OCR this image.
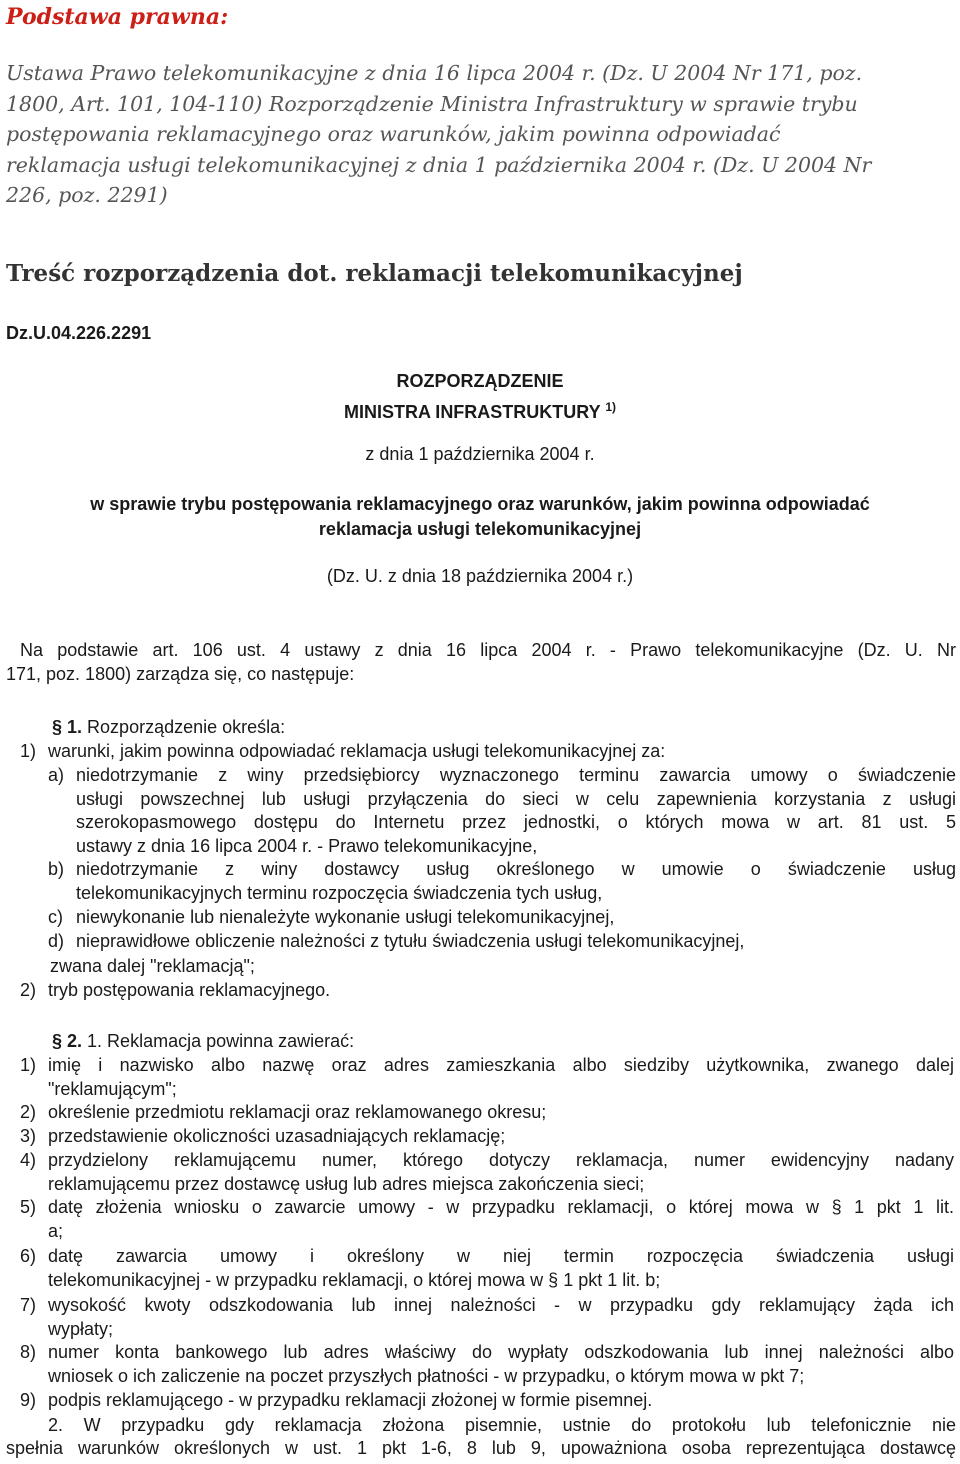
Podstawa prawna:
Ustawa Prawo telekomunikacyjne z dnia 16 lipca 2004 r. (Dz. U 2004 Nr 171, poz.
1800, Art. 101, 104-110) Rozporządzenie Ministra Infrastruktury w sprawie trybu
postępowania reklamacyjnego oraz warunków, jakim powinna odpowiadać
reklamacja usługi telekomunikacyjnej z dnia 1 października 2004 r. (Dz. U 2004 Nr
226, poz. 2291)
Treść rozporządzenia dot. reklamacji telekomunikacyjnej
Dz.U.04.226.2291
ROZPORZĄDZENIE
MINISTRA INFRASTRUKTURY $^{1)}$
z dnia 1 października 2004 r.
w sprawie trybu postępowania reklamacyjnego oraz warunków, jakim powinna odpowiadać
reklamacja usługi telekomunikacyjnej
(Dz. U. z dnia 18 października 2004 r.)
Na podstawie art. 106 ust. 4 ustawy z dnia 16 lipca 2004 r. - Prawo telekomunikacyjne (Dz. U. Nr
171, poz. 1800) zarządza się, co następuje:
§ 1. Rozporządzenie określa:
1) warunki, jakim powinna odpowiadać reklamacja usługi telekomunikacyjnej za:
a) niedotrzymanie z winy przedsiębiorcy wyznaczonego terminu zawarcia umowy o świadczenie
usługi powszechnej lub usługi przyłączenia do sieci w celu zapewnienia korzystania z usługi
szerokopasmowego dostępu do Internetu przez jednostki, o których mowa w art. 81 ust. 5
ustawy z dnia 16 lipca 2004 r. - Prawo telekomunikacyjne,
b) niedotrzymanie z winy dostawcy usług określonego w umowie o świadczenie usług
telekomunikacyjnych terminu rozpoczęcia świadczenia tych usług,
c) niewykonanie lub nienależyte wykonanie usługi telekomunikacyjnej,
d) nieprawidłowe obliczenie należności z tytułu świadczenia usługi telekomunikacyjnej,
zwana dalej "reklamacją";
2) tryb postępowania reklamacyjnego.
§ 2. 1. Reklamacja powinna zawierać:
1) imię i nazwisko albo nazwę oraz adres zamieszkania albo siedziby użytkownika, zwanego dalej
"reklamującym";
2) określenie przedmiotu reklamacji oraz reklamowanego okresu;
3) przedstawienie okoliczności uzasadniających reklamację;
4) przydzielony reklamującemu numer, którego dotyczy reklamacja, numer ewidencyjny nadany
reklamującemu przez dostawcę usług lub adres miejsca zakończenia sieci;
5) datę złożenia wniosku o zawarcie umowy - w przypadku reklamacji, o której mowa w § 1 pkt 1 lit.
a;
6) datę zawarcia umowy i określony w niej termin rozpoczęcia świadczenia usługi
telekomunikacyjnej - w przypadku reklamacji, o której mowa w § 1 pkt 1 lit. b;
7) wysokość kwoty odszkodowania lub innej należności - w przypadku gdy reklamujący żąda ich
wypłaty;
8) numer konta bankowego lub adres właściwy do wypłaty odszkodowania lub innej należności albo
wniosek o ich zaliczenie na poczet przyszłych płatności - w przypadku, o którym mowa w pkt 7;
9) podpis reklamującego - w przypadku reklamacji złożonej w formie pisemnej.
2. W przypadku gdy reklamacja złożona pisemnie, ustnie do protokołu lub telefonicznie nie
spełnia warunków określonych w ust. 1 pkt 1-6, 8 lub 9, upoważniona osoba reprezentująca dostawcę
